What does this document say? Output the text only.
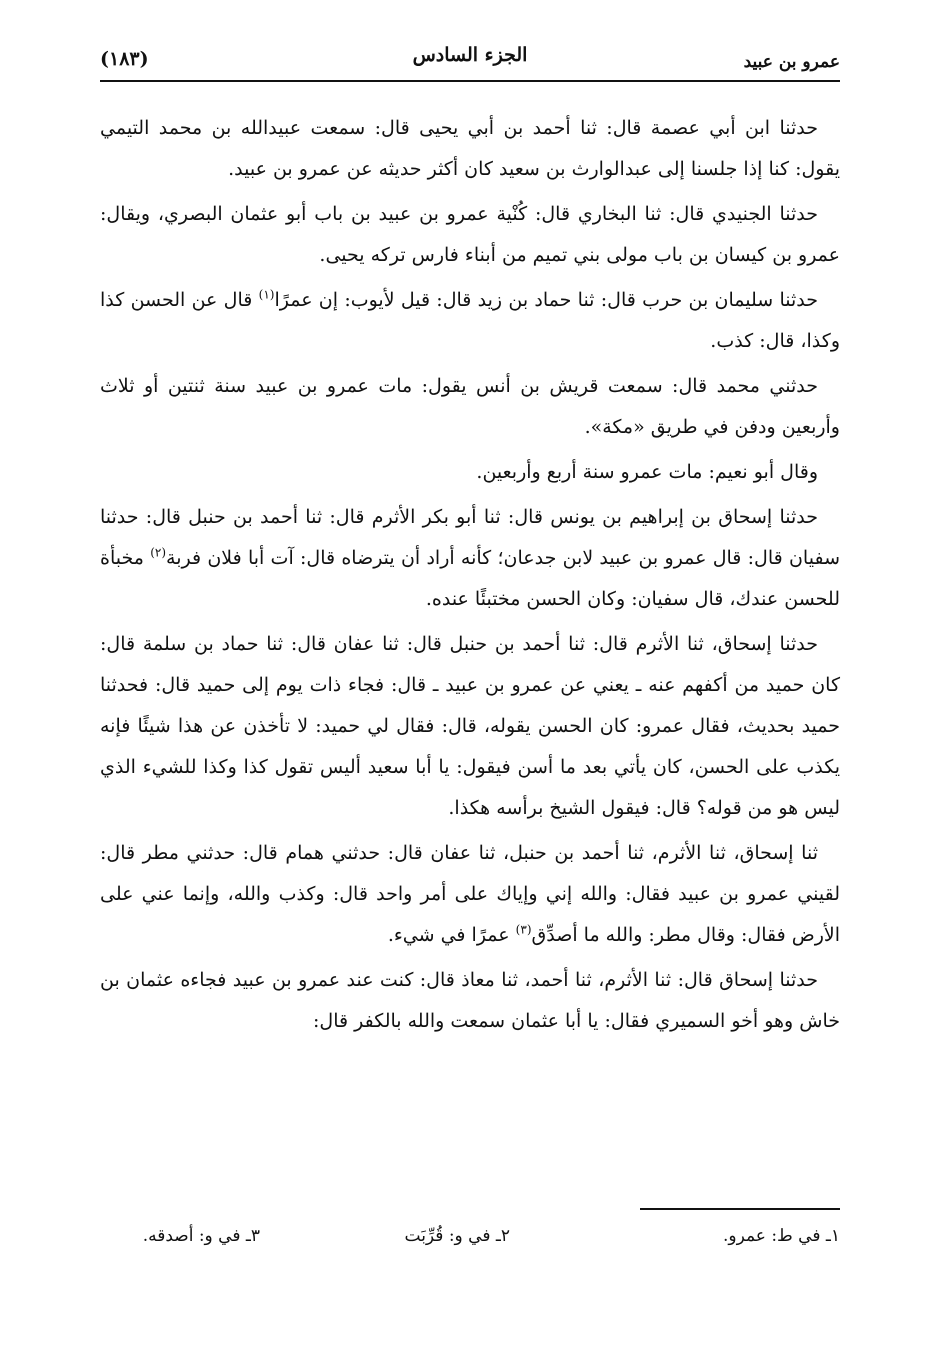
عمرو بن عبيد
الجزء السادس
(١٨٣)

حدثنا ابن أبي عصمة قال: ثنا أحمد بن أبي يحيى قال: سمعت عبيدالله بن محمد التيمي يقول: كنا إذا جلسنا إلى عبدالوارث بن سعيد كان أكثر حديثه عن عمرو بن عبيد.

حدثنا الجنيدي قال: ثنا البخاري قال: كُنْية عمرو بن عبيد بن باب أبو عثمان البصري، ويقال: عمرو بن كيسان بن باب مولى بني تميم من أبناء فارس تركه يحيى.

حدثنا سليمان بن حرب قال: ثنا حماد بن زيد قال: قيل لأيوب: إن عمرًا$^{(١)}$ قال عن الحسن كذا وكذا، قال: كذب.

حدثني محمد قال: سمعت قريش بن أنس يقول: مات عمرو بن عبيد سنة ثنتين أو ثلاث وأربعين ودفن في طريق «مكة».

وقال أبو نعيم: مات عمرو سنة أربع وأربعين.

حدثنا إسحاق بن إبراهيم بن يونس قال: ثنا أبو بكر الأثرم قال: ثنا أحمد بن حنبل قال: حدثنا سفيان قال: قال عمرو بن عبيد لابن جدعان؛ كأنه أراد أن يترضاه قال: آت أبا فلان فربة$^{(٢)}$ مخبأة للحسن عندك، قال سفيان: وكان الحسن مختبئًا عنده.

حدثنا إسحاق، ثنا الأثرم قال: ثنا أحمد بن حنبل قال: ثنا عفان قال: ثنا حماد بن سلمة قال: كان حميد من أكفهم عنه ـ يعني عن عمرو بن عبيد ـ قال: فجاء ذات يوم إلى حميد قال: فحدثنا حميد بحديث، فقال عمرو: كان الحسن يقوله، قال: فقال لي حميد: لا تأخذن عن هذا شيئًا فإنه يكذب على الحسن، كان يأتي بعد ما أسن فيقول: يا أبا سعيد أليس تقول كذا وكذا للشيء الذي ليس هو من قوله؟ قال: فيقول الشيخ برأسه هكذا.

ثنا إسحاق، ثنا الأثرم، ثنا أحمد بن حنبل، ثنا عفان قال: حدثني همام قال: حدثني مطر قال: لقيني عمرو بن عبيد فقال: والله إني وإياك على أمر واحد قال: وكذب والله، وإنما عني على الأرض فقال: وقال مطر: والله ما أصدِّق$^{(٣)}$ عمرًا في شيء.

حدثنا إسحاق قال: ثنا الأثرم، ثنا أحمد، ثنا معاذ قال: كنت عند عمرو بن عبيد فجاءه عثمان بن خاش وهو أخو السميري فقال: يا أبا عثمان سمعت والله بالكفر قال:

١ـ في ط: عمرو.
٢ـ في و: قُرِّبَت
٣ـ في و: أصدقه.
